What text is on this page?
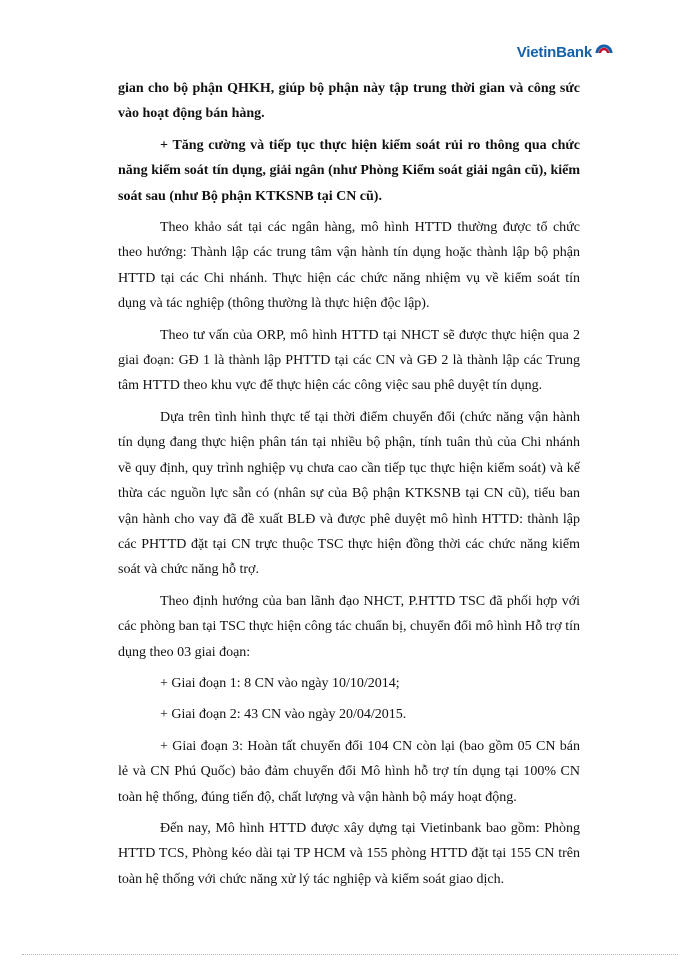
VietinBank

gian cho bộ phận QHKH, giúp bộ phận này tập trung thời gian và công sức vào hoạt động bán hàng.

+ Tăng cường và tiếp tục thực hiện kiểm soát rủi ro thông qua chức năng kiểm soát tín dụng, giải ngân (như Phòng Kiểm soát giải ngân cũ), kiểm soát sau (như Bộ phận KTKSNB tại CN cũ).

Theo khảo sát tại các ngân hàng, mô hình HTTD thường được tổ chức theo hướng: Thành lập các trung tâm vận hành tín dụng hoặc thành lập bộ phận HTTD tại các Chi nhánh. Thực hiện các chức năng nhiệm vụ về kiểm soát tín dụng và tác nghiệp (thông thường là thực hiện độc lập).

Theo tư vấn của ORP, mô hình HTTD tại NHCT sẽ được thực hiện qua 2 giai đoạn: GĐ 1 là thành lập PHTTD tại các CN và GĐ 2 là thành lập các Trung tâm HTTD theo khu vực để thực hiện các công việc sau phê duyệt tín dụng.

Dựa trên tình hình thực tế tại thời điểm chuyển đổi (chức năng vận hành tín dụng đang thực hiện phân tán tại nhiều bộ phận, tính tuân thủ của Chi nhánh về quy định, quy trình nghiệp vụ chưa cao cần tiếp tục thực hiện kiểm soát) và kế thừa các nguồn lực sẵn có (nhân sự của Bộ phận KTKSNB tại CN cũ), tiểu ban vận hành cho vay đã đề xuất BLĐ và được phê duyệt mô hình HTTD: thành lập các PHTTD đặt tại CN trực thuộc TSC thực hiện đồng thời các chức năng kiểm soát và chức năng hỗ trợ.

Theo định hướng của ban lãnh đạo NHCT, P.HTTD TSC đã phối hợp với các phòng ban tại TSC thực hiện công tác chuẩn bị, chuyển đổi mô hình Hỗ trợ tín dụng theo 03 giai đoạn:

+ Giai đoạn 1: 8 CN vào ngày 10/10/2014;

+ Giai đoạn 2: 43 CN vào ngày 20/04/2015.

+ Giai đoạn 3: Hoàn tất chuyển đổi 104 CN còn lại (bao gồm 05 CN bán lẻ và CN Phú Quốc) bảo đảm chuyển đổi Mô hình hỗ trợ tín dụng tại 100% CN toàn hệ thống, đúng tiến độ, chất lượng và vận hành bộ máy hoạt động.

Đến nay, Mô hình HTTD được xây dựng tại Vietinbank bao gồm: Phòng HTTD TCS, Phòng kéo dài tại TP HCM và 155 phòng HTTD đặt tại 155 CN trên toàn hệ thống với chức năng xử lý tác nghiệp và kiểm soát giao dịch.
